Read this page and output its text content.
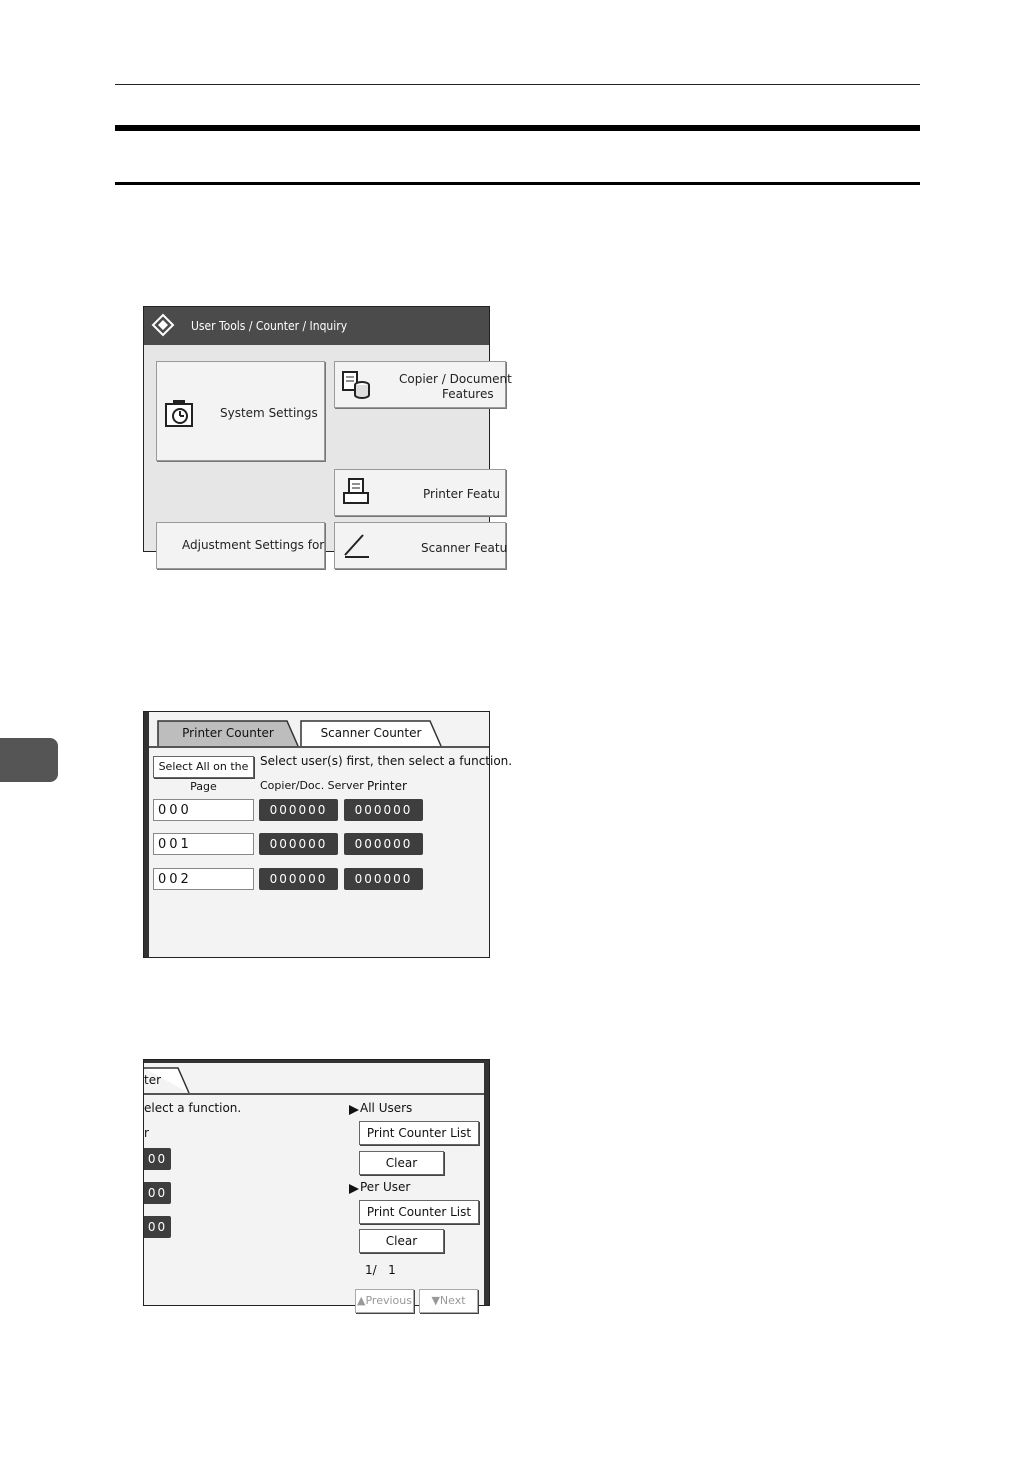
User Tools / Counter / Inquiry
System Settings
Copier / Document
Features
Printer Featu
Adjustment Settings for	Scanner Featu
Printer Counter	Scanner Counter
Select All on the Page
Select user(s) first, then select a function.
Copier/Doc. Server Printer
000	000000	000000
001	000000	000000
002	000000	000000
ter
elect a function.
r
00
00
00
All Users
Print Counter List
Clear
Per User
Print Counter List
Clear
1/   1
▲Previous	▼Next
